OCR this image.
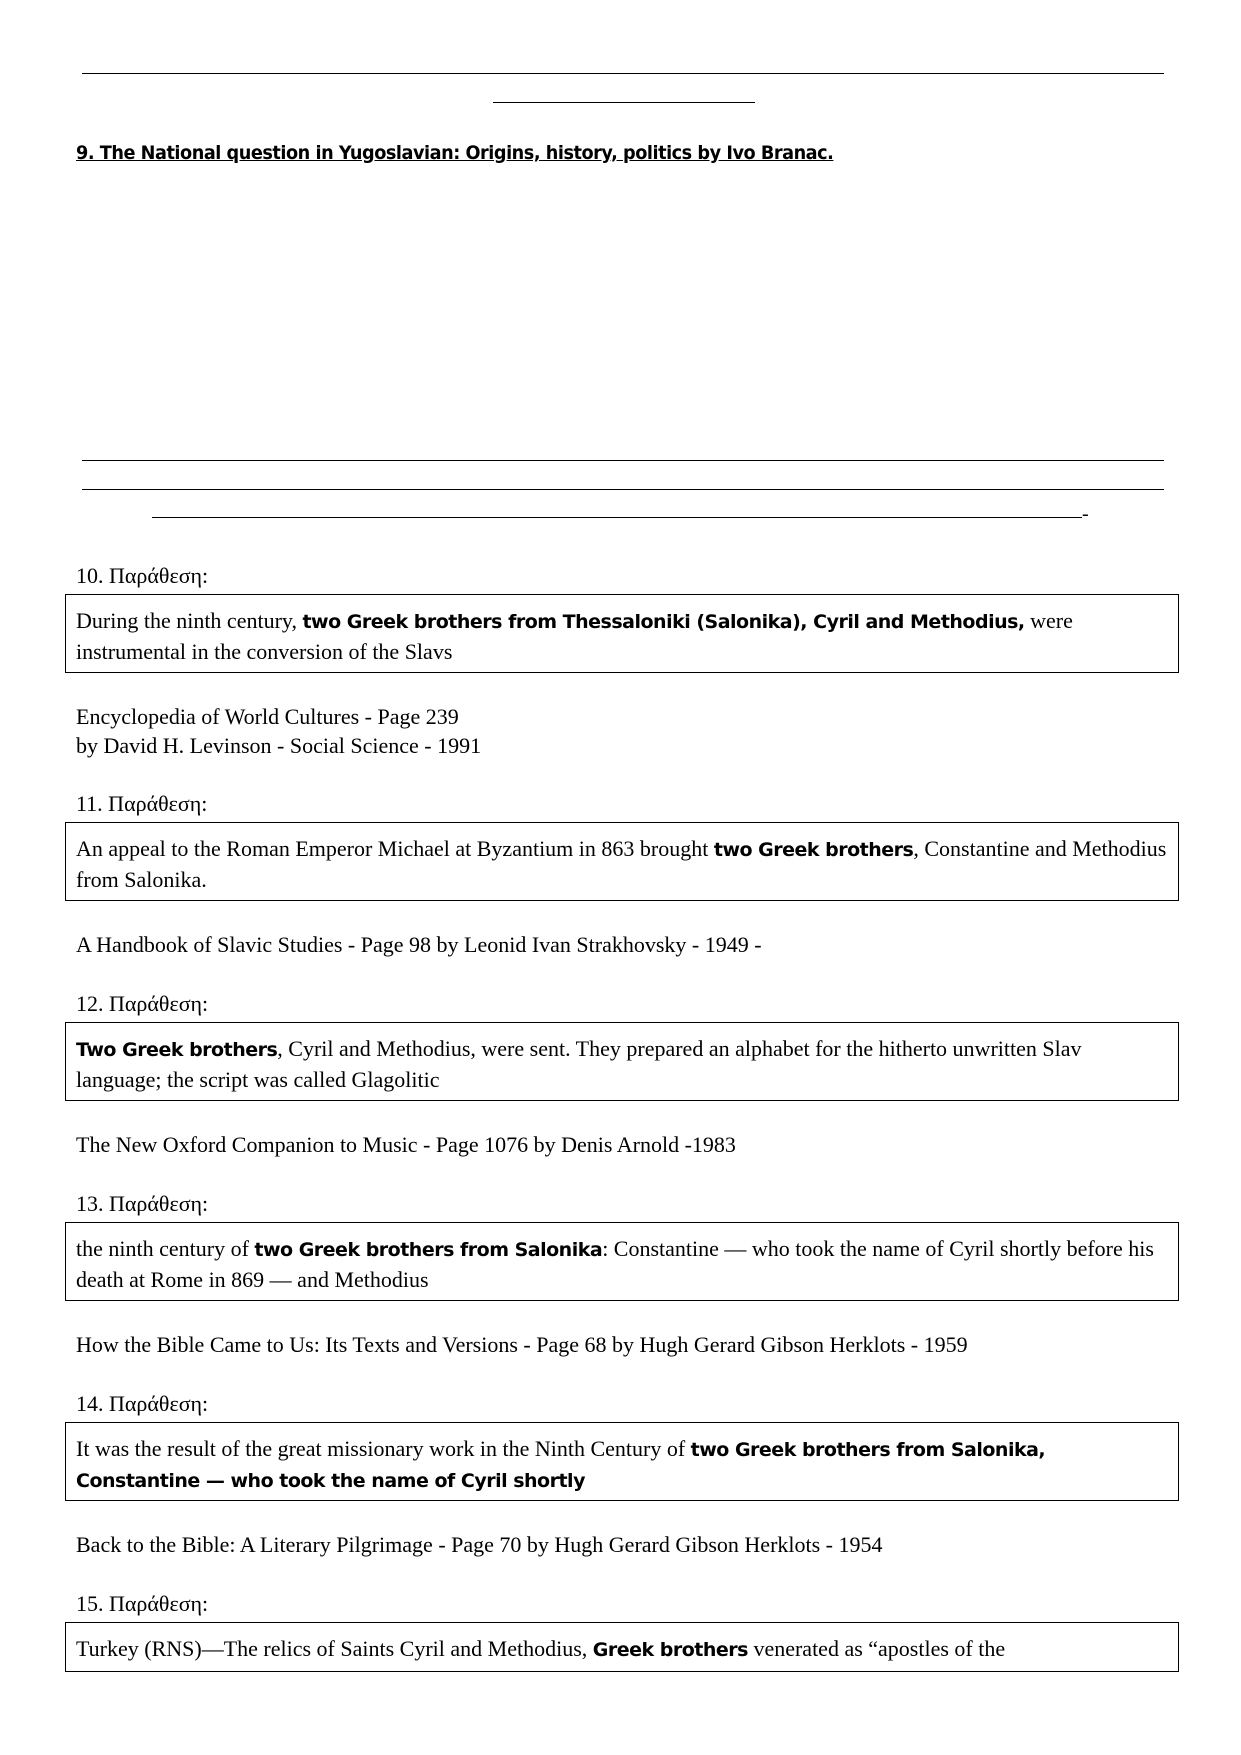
9. The National question in Yugoslavian: Origins, history, politics by Ivo Branac.
-
10. Παράθεση:
During the ninth century, two Greek brothers from Thessaloniki (Salonika), Cyril and Methodius, were instrumental in the conversion of the Slavs
Encyclopedia of World Cultures - Page 239
by David H. Levinson - Social Science - 1991
11. Παράθεση:
An appeal to the Roman Emperor Michael at Byzantium in 863 brought two Greek brothers, Constantine and Methodius from Salonika.
A Handbook of Slavic Studies - Page 98 by Leonid Ivan Strakhovsky - 1949 -
12. Παράθεση:
Two Greek brothers, Cyril and Methodius, were sent. They prepared an alphabet for the hitherto unwritten Slav language; the script was called Glagolitic
The New Oxford Companion to Music - Page 1076 by Denis Arnold -1983
13. Παράθεση:
the ninth century of two Greek brothers from Salonika: Constantine — who took the name of Cyril shortly before his death at Rome in 869 — and Methodius
How the Bible Came to Us: Its Texts and Versions - Page 68 by Hugh Gerard Gibson Herklots - 1959
14. Παράθεση:
It was the result of the great missionary work in the Ninth Century of two Greek brothers from Salonika, Constantine — who took the name of Cyril shortly
Back to the Bible: A Literary Pilgrimage - Page 70 by Hugh Gerard Gibson Herklots - 1954
15. Παράθεση:
Turkey (RNS)—The relics of Saints Cyril and Methodius, Greek brothers venerated as “apostles of the
